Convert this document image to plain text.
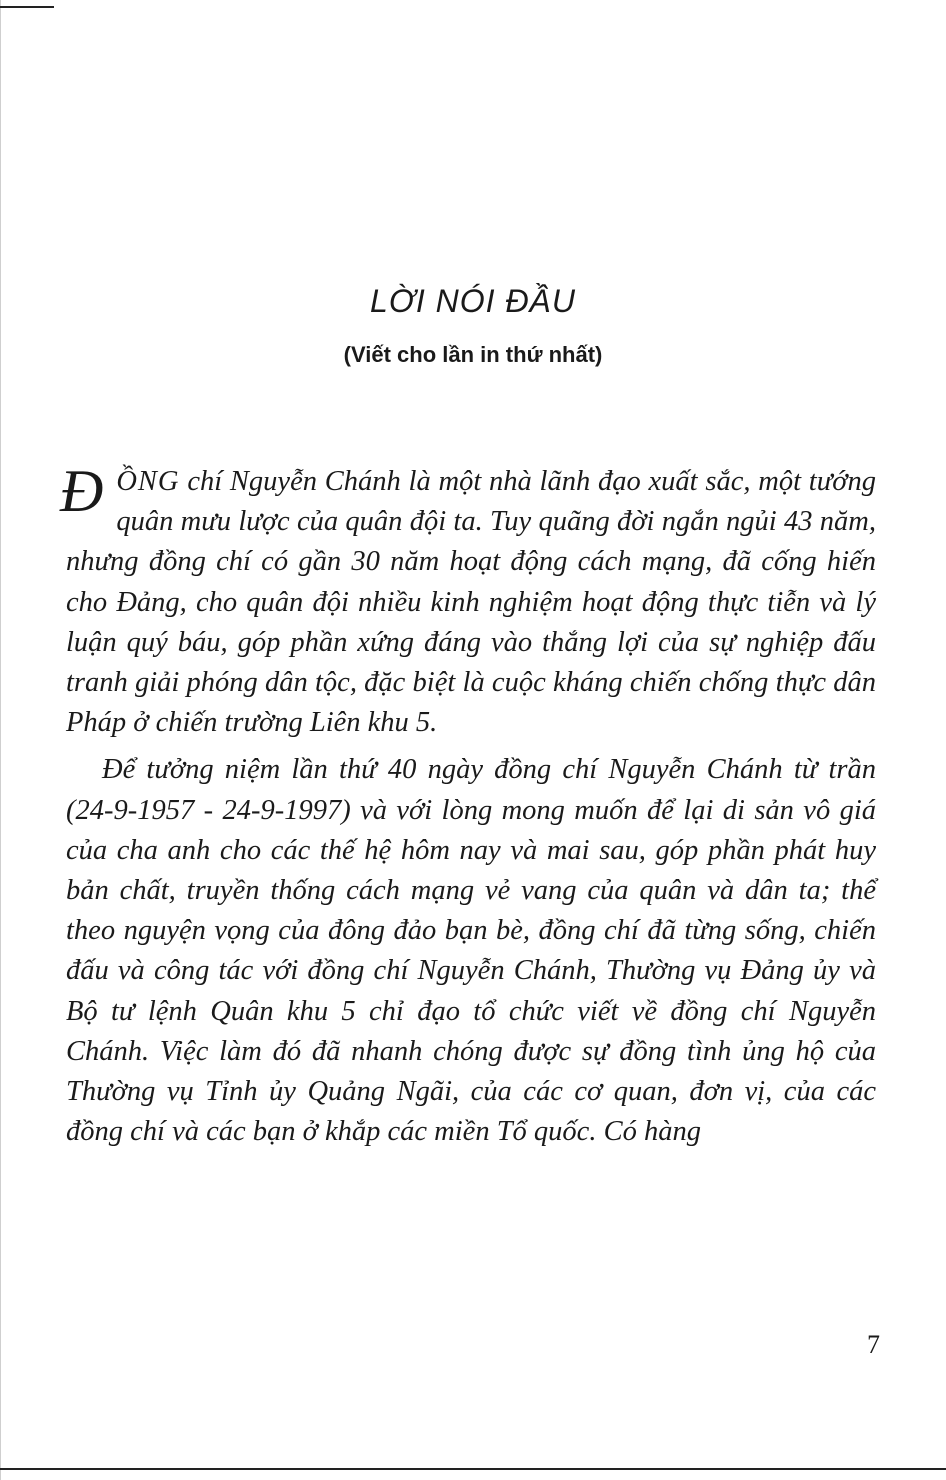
LỜI NÓI ĐẦU
(Viết cho lần in thứ nhất)

ĐỒNG chí Nguyễn Chánh là một nhà lãnh đạo xuất sắc, một tướng quân mưu lược của quân đội ta. Tuy quãng đời ngắn ngủi 43 năm, nhưng đồng chí có gần 30 năm hoạt động cách mạng, đã cống hiến cho Đảng, cho quân đội nhiều kinh nghiệm hoạt động thực tiễn và lý luận quý báu, góp phần xứng đáng vào thắng lợi của sự nghiệp đấu tranh giải phóng dân tộc, đặc biệt là cuộc kháng chiến chống thực dân Pháp ở chiến trường Liên khu 5.

Để tưởng niệm lần thứ 40 ngày đồng chí Nguyễn Chánh từ trần (24-9-1957 - 24-9-1997) và với lòng mong muốn để lại di sản vô giá của cha anh cho các thế hệ hôm nay và mai sau, góp phần phát huy bản chất, truyền thống cách mạng vẻ vang của quân và dân ta; thể theo nguyện vọng của đông đảo bạn bè, đồng chí đã từng sống, chiến đấu và công tác với đồng chí Nguyễn Chánh, Thường vụ Đảng ủy và Bộ tư lệnh Quân khu 5 chỉ đạo tổ chức viết về đồng chí Nguyễn Chánh. Việc làm đó đã nhanh chóng được sự đồng tình ủng hộ của Thường vụ Tỉnh ủy Quảng Ngãi, của các cơ quan, đơn vị, của các đồng chí và các bạn ở khắp các miền Tổ quốc. Có hàng

7
